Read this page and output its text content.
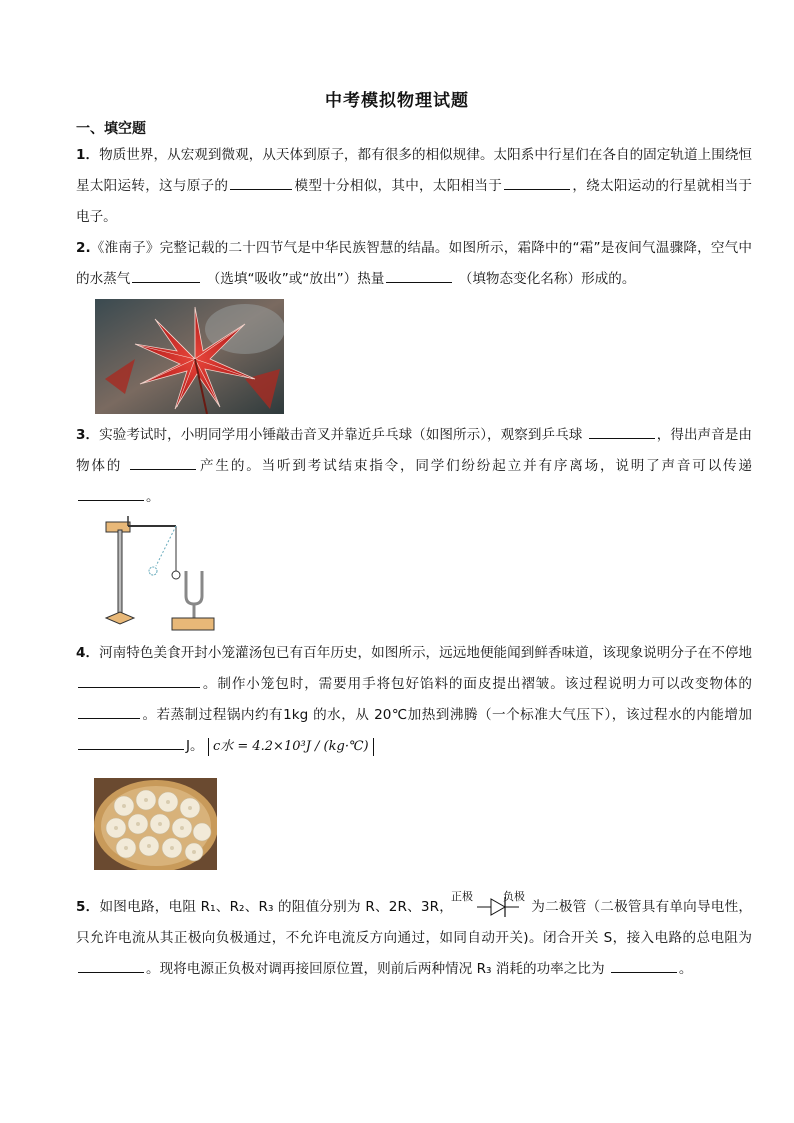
中考模拟物理试题
一、填空题
1．物质世界，从宏观到微观，从天体到原子，都有很多的相似规律。太阳系中行星们在各自的固定轨道上围绕恒星太阳运转，这与原子的	模型十分相似，其中，太阳相当于	，绕太阳运动的行星就相当于电子。
2.《淮南子》完整记载的二十四节气是中华民族智慧的结晶。如图所示，霜降中的“霜”是夜间气温骤降，空气中的水蒸气	（选填“吸收”或“放出”）热量	（填物态变化名称）形成的。
3．实验考试时，小明同学用小锤敲击音叉并靠近乒乓球（如图所示），观察到乒乓球	，得出声音是由物体的	产生的。当听到考试结束指令，同学们纷纷起立并有序离场，说明了声音可以传递 。
4．河南特色美食开封小笼灌汤包已有百年历史，如图所示，远远地便能闻到鲜香味道，该现象说明分子在不停地。制作小笼包时，需要用手将包好馅料的面皮提出褶皱。该过程说明力可以改变物体的。若蒸制过程锅内约有1kg 的水，从 20℃加热到沸腾（一个标准大气压下），该过程水的内能增加J。 c水 = 4.2×10³J / (kg·℃)
5．如图电路，电阻 R₁、R₂、R₃ 的阻值分别为 R、2R、3R，
正极	负极
为二极管（二极管具有单向导电性，只允许电流从其正极向负极通过，不允许电流反方向通过，如同自动开关)。闭合开关 S，接入电路的总电阻为 。现将电源正负极对调再接回原位置，则前后两种情况 R₃ 消耗的功率之比为	。
